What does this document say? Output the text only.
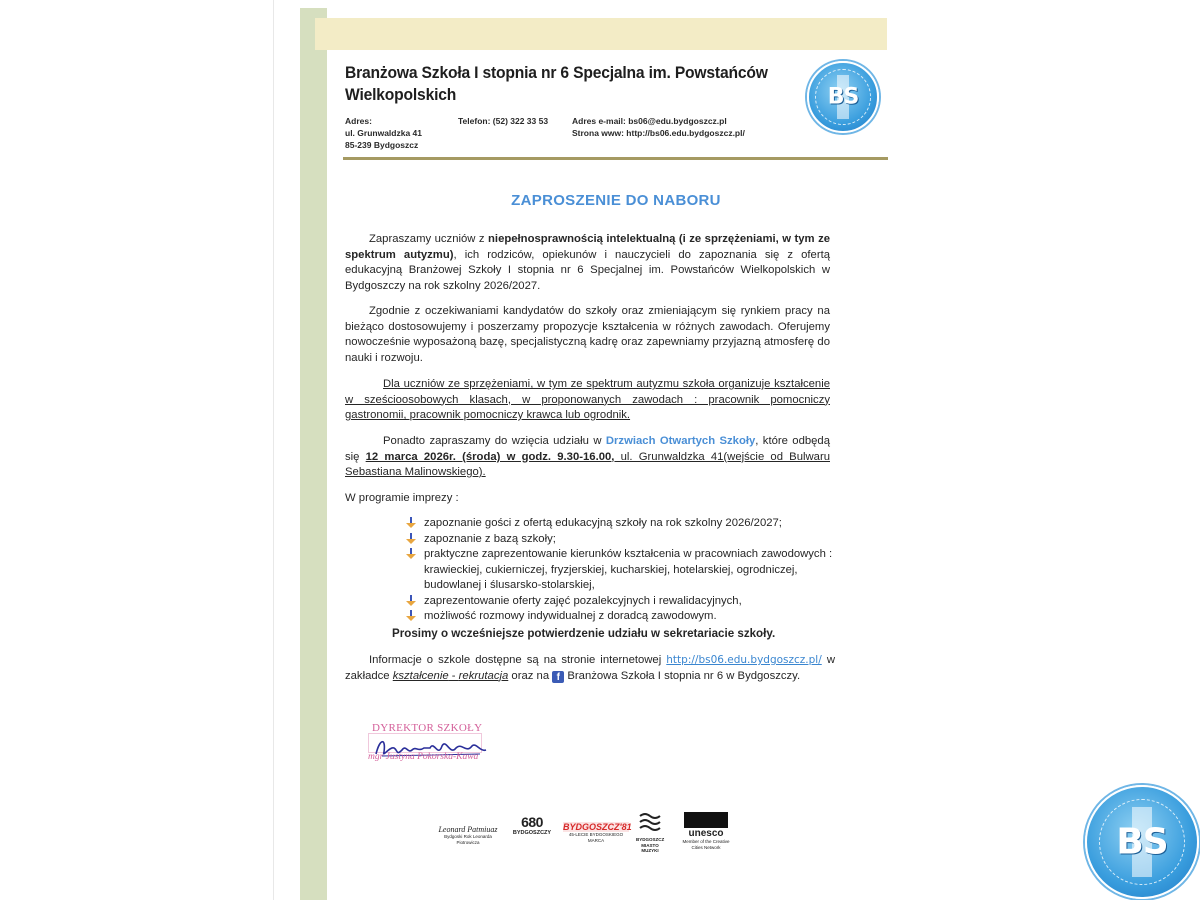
Branżowa Szkoła I stopnia nr 6 Specjalna im. Powstańców Wielkopolskich	BS
Adres:
ul. Grunwaldzka 41
85-239 Bydgoszcz
Telefon: (52) 322 33 53	Adres e-mail: bs06@edu.bydgoszcz.pl
Strona www: http://bs06.edu.bydgoszcz.pl/
ZAPROSZENIE DO NABORU
Zapraszamy uczniów z niepełnosprawnością intelektualną (i ze sprzężeniami, w tym ze spektrum autyzmu), ich rodziców, opiekunów i nauczycieli do zapoznania się z ofertą edukacyjną Branżowej Szkoły I stopnia nr 6 Specjalnej im. Powstańców Wielkopolskich w Bydgoszczy na rok szkolny 2026/2027.
Zgodnie z oczekiwaniami kandydatów do szkoły oraz zmieniającym się rynkiem pracy na bieżąco dostosowujemy i poszerzamy propozycje kształcenia w różnych zawodach. Oferujemy nowocześnie wyposażoną bazę, specjalistyczną kadrę oraz zapewniamy przyjazną atmosferę do nauki i rozwoju.
Dla uczniów ze sprzężeniami, w tym ze spektrum autyzmu szkoła organizuje kształcenie w sześcioosobowych klasach, w proponowanych zawodach : pracownik pomocniczy gastronomii, pracownik pomocniczy krawca lub ogrodnik.
Ponadto zapraszamy do wzięcia udziału w Drzwiach Otwartych Szkoły, które odbędą się 12 marca 2026r. (środa) w godz. 9.30-16.00, ul. Grunwaldzka 41(wejście od Bulwaru Sebastiana Malinowskiego).
W programie imprezy :
zapoznanie gości z ofertą edukacyjną szkoły na rok szkolny 2026/2027;
zapoznanie z bazą szkoły;
praktyczne zaprezentowanie kierunków kształcenia w pracowniach zawodowych : krawieckiej, cukierniczej, fryzjerskiej, kucharskiej, hotelarskiej, ogrodniczej, budowlanej i ślusarsko-stolarskiej,
zaprezentowanie oferty zajęć pozalekcyjnych i rewalidacyjnych,
możliwość rozmowy indywidualnej z doradcą zawodowym.
Prosimy o wcześniejsze potwierdzenie udziału w sekretariacie szkoły.
Informacje o szkole dostępne są na stronie internetowej http://bs06.edu.bydgoszcz.pl/ w zakładce kształcenie - rekrutacja oraz na f Branżowa Szkoła I stopnia nr 6 w Bydgoszczy.
DYREKTOR SZKOŁY
mgr Justyna Pokorska-Kawa
Leonard Patmiuaz
Bydgoski Rok Leonarda Piotrowicza
680
BYDGOSZCZY
BYDGOSZCZ'81
45-LECIE BYDGOSKIEGO MARCA	BYDGOSZCZ MIASTO MUZYKI
unesco
Member of the Creative Cities Network	BS
